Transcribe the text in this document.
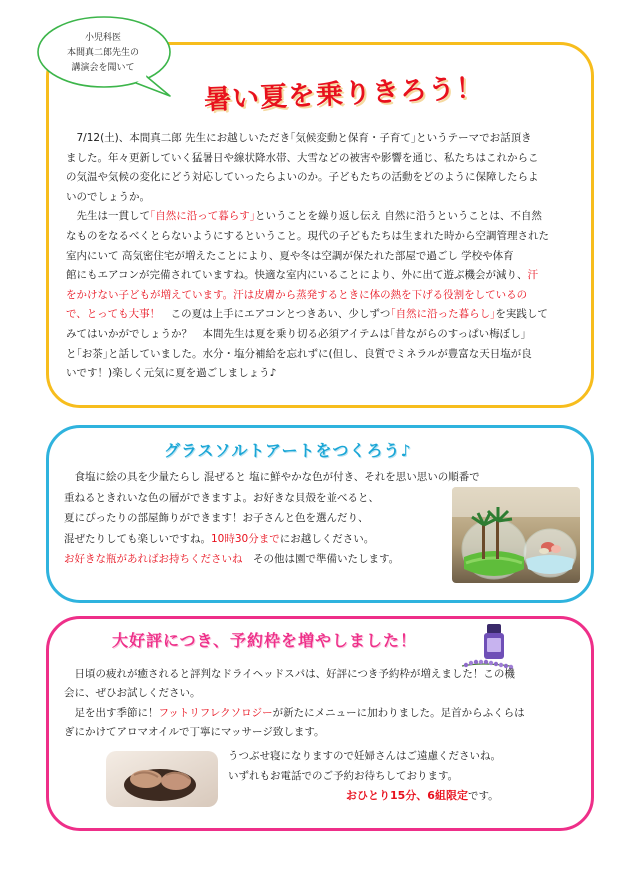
小児科医
本間真二郎先生の
講演会を聞いて
暑い夏を乗りきろう！
　7/12(土)、本間真二郎 先生にお越しいただき｢気候変動と保育・子育て｣というテーマでお話頂き
ました。年々更新していく猛暑日や線状降水帯、大雪などの被害や影響を通じ、私たちはこれからこ
の気温や気候の変化にどう対応していったらよいのか。子どもたちの活動をどのように保障したらよ
いのでしょうか。
　先生は一貫して｢自然に沿って暮らす｣ということを繰り返し伝え 自然に沿うということは、不自然
なものをなるべくとらないようにするということ。現代の子どもたちは生まれた時から空調管理された
室内にいて 高気密住宅が増えたことにより、夏や冬は空調が保たれた部屋で過ごし 学校や体育
館にもエアコンが完備されていますね。快適な室内にいることにより、外に出て遊ぶ機会が減り、汗
をかけない子どもが増えています。汗は皮膚から蒸発するときに体の熱を下げる役割をしているの
で、とっても大事！　この夏は上手にエアコンとつきあい、少しずつ｢自然に沿った暮らし｣を実践して
みてはいかがでしょうか？　本間先生は夏を乗り切る必須アイテムは｢昔ながらのすっぱい梅ぼし｣
と｢お茶｣と話していました。水分・塩分補給を忘れずに(但し、良質でミネラルが豊富な天日塩が良
いです！)楽しく元気に夏を過ごしましょう♪
グラスソルトアートをつくろう♪
　食塩に絵の具を少量たらし 混ぜると 塩に鮮やかな色が付き、それを思い思いの順番で
重ねるときれいな色の層ができますよ。お好きな貝殻を並べると、
夏にぴったりの部屋飾りができます！お子さんと色を選んだり、
混ぜたりしても楽しいですね。10時30分までにお越しください。
お好きな瓶があればお持ちくださいね　その他は園で準備いたします。
大好評につき、予約枠を増やしました！
　日頃の疲れが癒されると評判なドライヘッドスパは、好評につき予約枠が増えました！この機
会に、ぜひお試しください。
　足を出す季節に！フットリフレクソロジーが新たにメニューに加わりました。足首からふくらは
ぎにかけてアロマオイルで丁寧にマッサージ致します。
うつぶせ寝になりますので妊婦さんはご遠慮くださいね。
いずれもお電話でのご予約お待ちしております。
おひとり15分、6組限定です。
